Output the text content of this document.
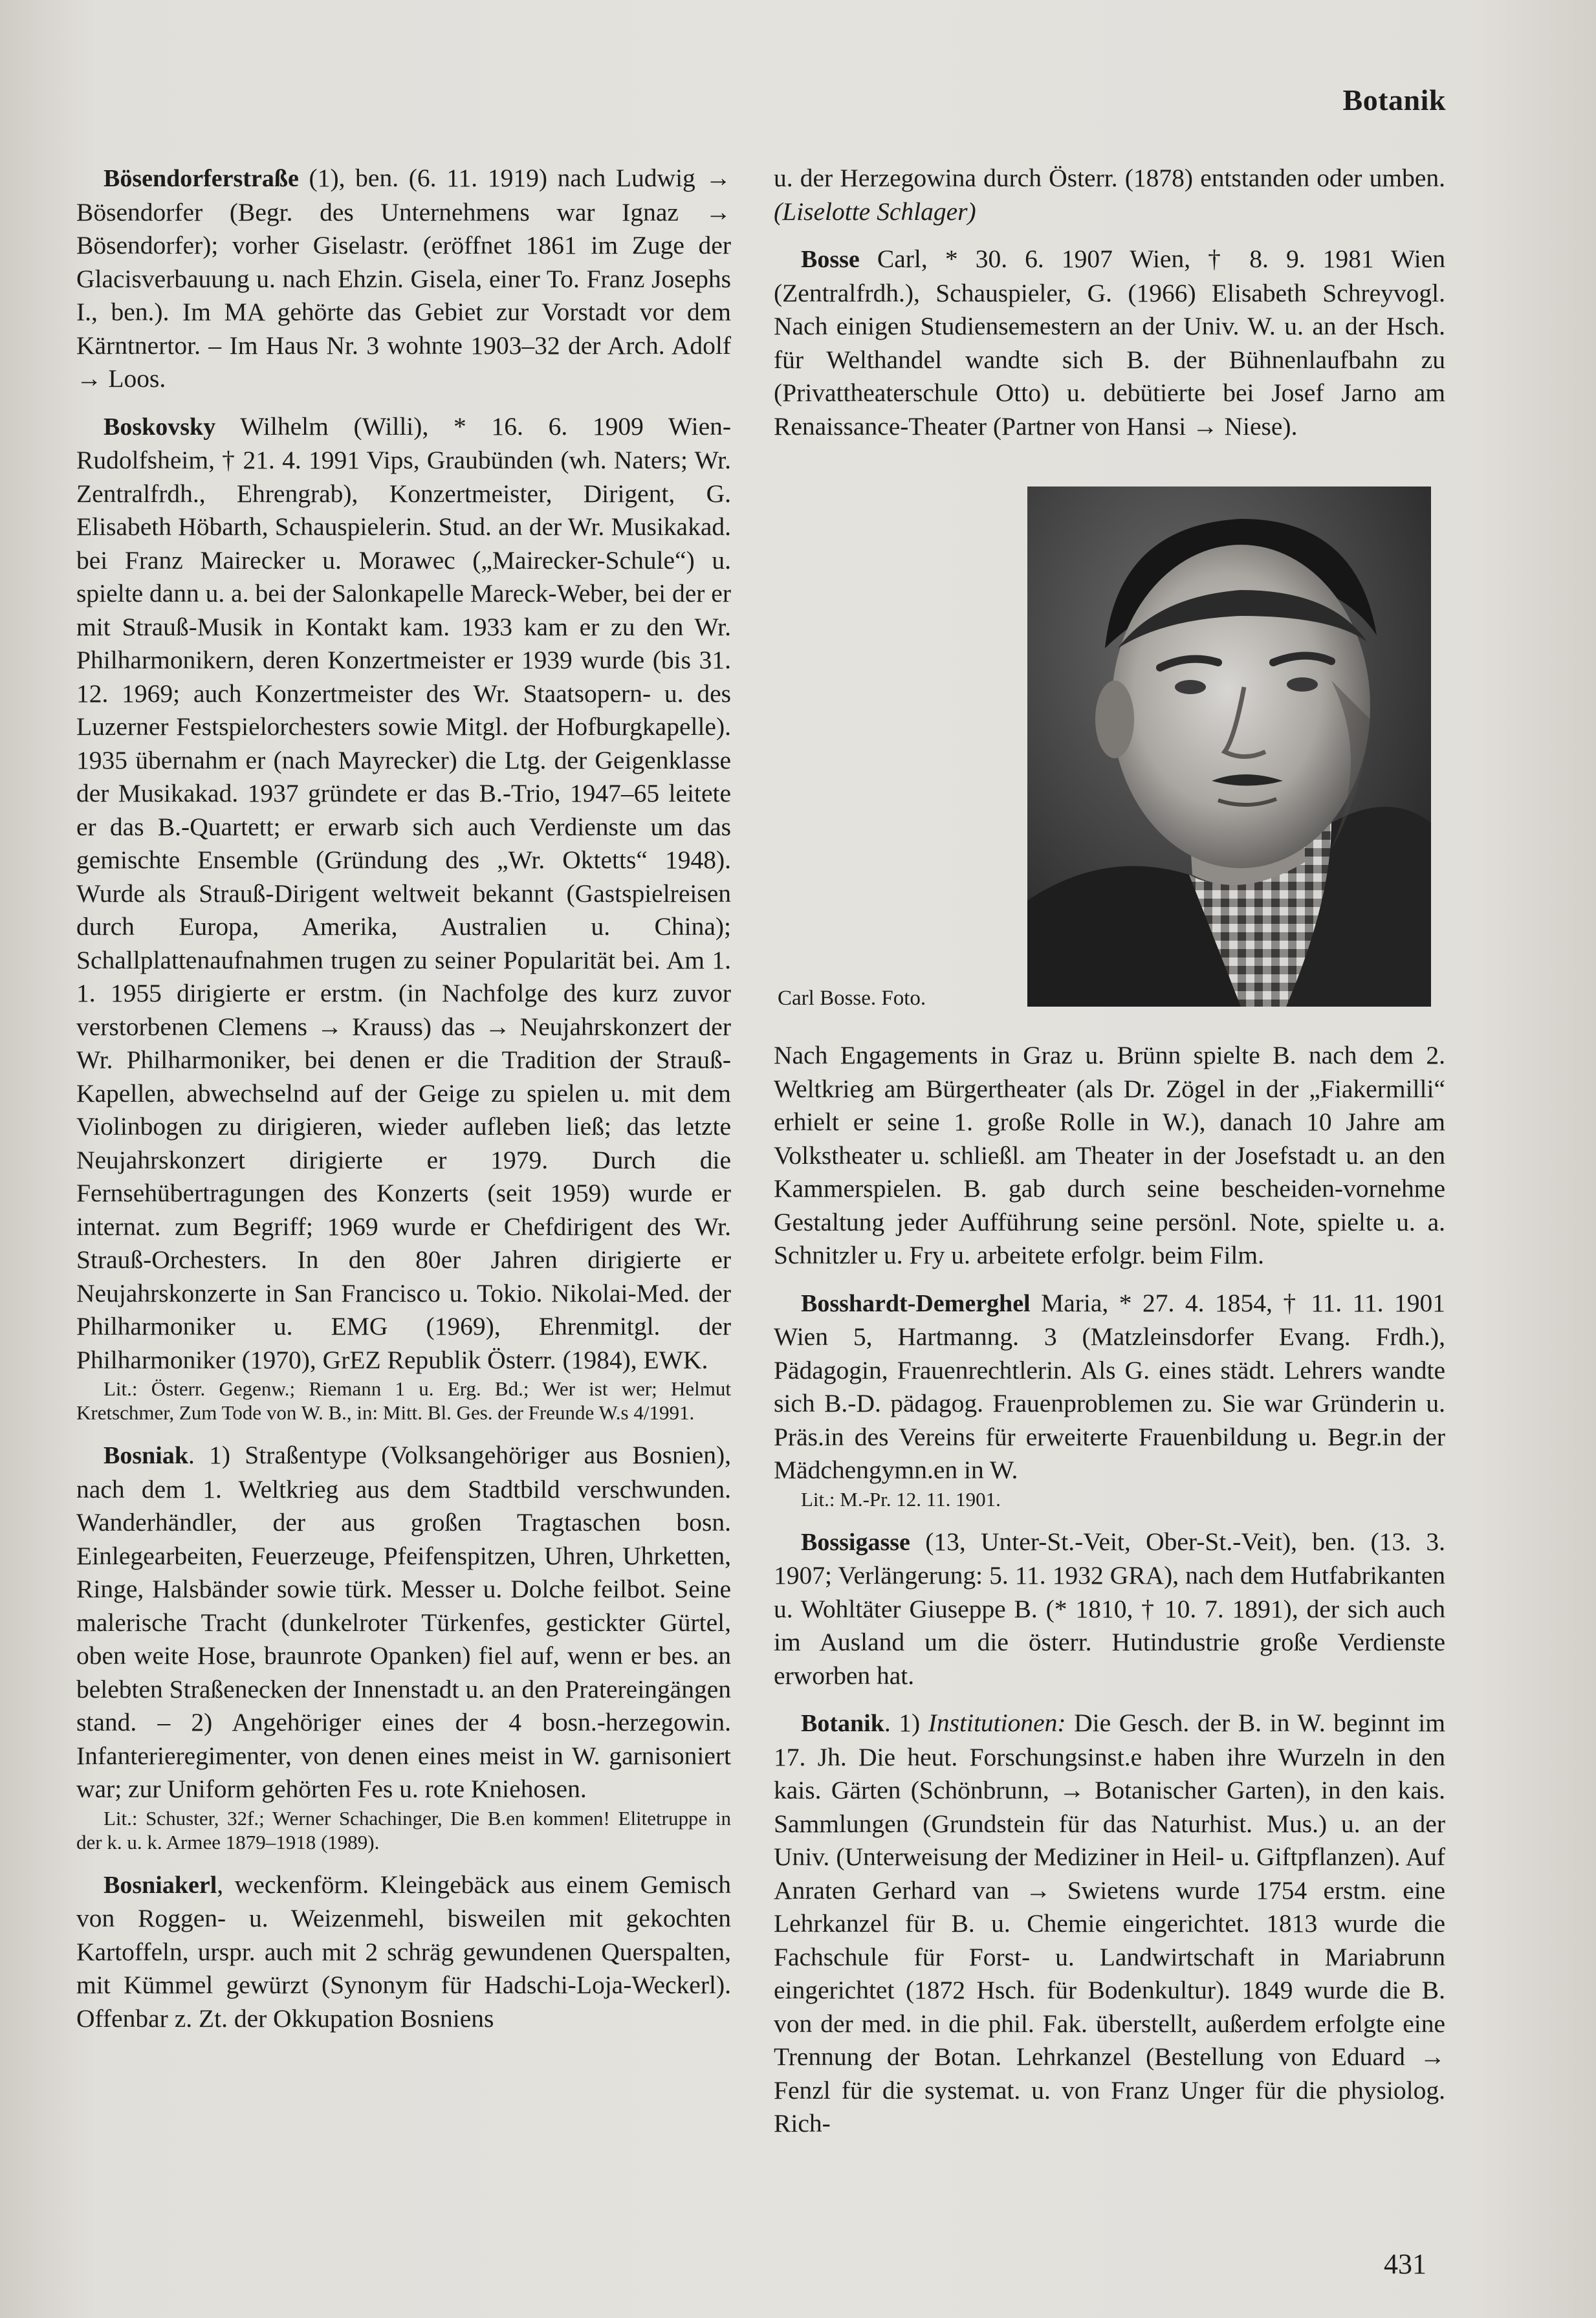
Botanik

Bösendorferstraße (1), ben. (6. 11. 1919) nach Ludwig → Bösendorfer (Begr. des Unternehmens war Ignaz → Bösendorfer); vorher Giselastr. (eröffnet 1861 im Zuge der Glacisverbauung u. nach Ehzin. Gisela, einer To. Franz Josephs I., ben.). Im MA gehörte das Gebiet zur Vorstadt vor dem Kärntnertor. – Im Haus Nr. 3 wohnte 1903–32 der Arch. Adolf → Loos.

Boskovsky Wilhelm (Willi), * 16. 6. 1909 Wien-Rudolfsheim, † 21. 4. 1991 Vips, Graubünden (wh. Naters; Wr. Zentralfrdh., Ehrengrab), Konzertmeister, Dirigent, G. Elisabeth Höbarth, Schauspielerin. Stud. an der Wr. Musikakad. bei Franz Mairecker u. Morawec („Mairecker-Schule“) u. spielte dann u. a. bei der Salonkapelle Mareck-Weber, bei der er mit Strauß-Musik in Kontakt kam. 1933 kam er zu den Wr. Philharmonikern, deren Konzertmeister er 1939 wurde (bis 31. 12. 1969; auch Konzertmeister des Wr. Staatsopern- u. des Luzerner Festspielorchesters sowie Mitgl. der Hofburgkapelle). 1935 übernahm er (nach Mayrecker) die Ltg. der Geigenklasse der Musikakad. 1937 gründete er das B.-Trio, 1947–65 leitete er das B.-Quartett; er erwarb sich auch Verdienste um das gemischte Ensemble (Gründung des „Wr. Oktetts“ 1948). Wurde als Strauß-Dirigent weltweit bekannt (Gastspielreisen durch Europa, Amerika, Australien u. China); Schallplattenaufnahmen trugen zu seiner Popularität bei. Am 1. 1. 1955 dirigierte er erstm. (in Nachfolge des kurz zuvor verstorbenen Clemens → Krauss) das → Neujahrskonzert der Wr. Philharmoniker, bei denen er die Tradition der Strauß-Kapellen, abwechselnd auf der Geige zu spielen u. mit dem Violinbogen zu dirigieren, wieder aufleben ließ; das letzte Neujahrskonzert dirigierte er 1979. Durch die Fernsehübertragungen des Konzerts (seit 1959) wurde er internat. zum Begriff; 1969 wurde er Chefdirigent des Wr. Strauß-Orchesters. In den 80er Jahren dirigierte er Neujahrskonzerte in San Francisco u. Tokio. Nikolai-Med. der Philharmoniker u. EMG (1969), Ehrenmitgl. der Philharmoniker (1970), GrEZ Republik Österr. (1984), EWK.

Lit.: Österr. Gegenw.; Riemann 1 u. Erg. Bd.; Wer ist wer; Helmut Kretschmer, Zum Tode von W. B., in: Mitt. Bl. Ges. der Freunde W.s 4/1991.

Bosniak. 1) Straßentype (Volksangehöriger aus Bosnien), nach dem 1. Weltkrieg aus dem Stadtbild verschwunden. Wanderhändler, der aus großen Tragtaschen bosn. Einlegearbeiten, Feuerzeuge, Pfeifenspitzen, Uhren, Uhrketten, Ringe, Halsbänder sowie türk. Messer u. Dolche feilbot. Seine malerische Tracht (dunkelroter Türkenfes, gestickter Gürtel, oben weite Hose, braunrote Opanken) fiel auf, wenn er bes. an belebten Straßenecken der Innenstadt u. an den Pratereingängen stand. – 2) Angehöriger eines der 4 bosn.-herzegowin. Infanterieregimenter, von denen eines meist in W. garnisoniert war; zur Uniform gehörten Fes u. rote Kniehosen.

Lit.: Schuster, 32f.; Werner Schachinger, Die B.en kommen! Elitetruppe in der k. u. k. Armee 1879–1918 (1989).

Bosniakerl, weckenförm. Kleingebäck aus einem Gemisch von Roggen- u. Weizenmehl, bisweilen mit gekochten Kartoffeln, urspr. auch mit 2 schräg gewundenen Querspalten, mit Kümmel gewürzt (Synonym für Hadschi-Loja-Weckerl). Offenbar z. Zt. der Okkupation Bosniens

u. der Herzegowina durch Österr. (1878) entstanden oder umben. (Liselotte Schlager)

Bosse Carl, * 30. 6. 1907 Wien, † 8. 9. 1981 Wien (Zentralfrdh.), Schauspieler, G. (1966) Elisabeth Schreyvogl. Nach einigen Studiensemestern an der Univ. W. u. an der Hsch. für Welthandel wandte sich B. der Bühnenlaufbahn zu (Privattheaterschule Otto) u. debütierte bei Josef Jarno am Renaissance-Theater (Partner von Hansi → Niese).

Carl Bosse. Foto.

Nach Engagements in Graz u. Brünn spielte B. nach dem 2. Weltkrieg am Bürgertheater (als Dr. Zögel in der „Fiakermilli“ erhielt er seine 1. große Rolle in W.), danach 10 Jahre am Volkstheater u. schließl. am Theater in der Josefstadt u. an den Kammerspielen. B. gab durch seine bescheiden-vornehme Gestaltung jeder Aufführung seine persönl. Note, spielte u. a. Schnitzler u. Fry u. arbeitete erfolgr. beim Film.

Bosshardt-Demerghel Maria, * 27. 4. 1854, † 11. 11. 1901 Wien 5, Hartmanng. 3 (Matzleinsdorfer Evang. Frdh.), Pädagogin, Frauenrechtlerin. Als G. eines städt. Lehrers wandte sich B.-D. pädagog. Frauenproblemen zu. Sie war Gründerin u. Präs.in des Vereins für erweiterte Frauenbildung u. Begr.in der Mädchengymn.en in W.

Lit.: M.-Pr. 12. 11. 1901.

Bossigasse (13, Unter-St.-Veit, Ober-St.-Veit), ben. (13. 3. 1907; Verlängerung: 5. 11. 1932 GRA), nach dem Hutfabrikanten u. Wohltäter Giuseppe B. (* 1810, † 10. 7. 1891), der sich auch im Ausland um die österr. Hutindustrie große Verdienste erworben hat.

Botanik. 1) Institutionen: Die Gesch. der B. in W. beginnt im 17. Jh. Die heut. Forschungsinst.e haben ihre Wurzeln in den kais. Gärten (Schönbrunn, → Botanischer Garten), in den kais. Sammlungen (Grundstein für das Naturhist. Mus.) u. an der Univ. (Unterweisung der Mediziner in Heil- u. Giftpflanzen). Auf Anraten Gerhard van → Swietens wurde 1754 erstm. eine Lehrkanzel für B. u. Chemie eingerichtet. 1813 wurde die Fachschule für Forst- u. Landwirtschaft in Mariabrunn eingerichtet (1872 Hsch. für Bodenkultur). 1849 wurde die B. von der med. in die phil. Fak. überstellt, außerdem erfolgte eine Trennung der Botan. Lehrkanzel (Bestellung von Eduard → Fenzl für die systemat. u. von Franz Unger für die physiolog. Rich-

431
